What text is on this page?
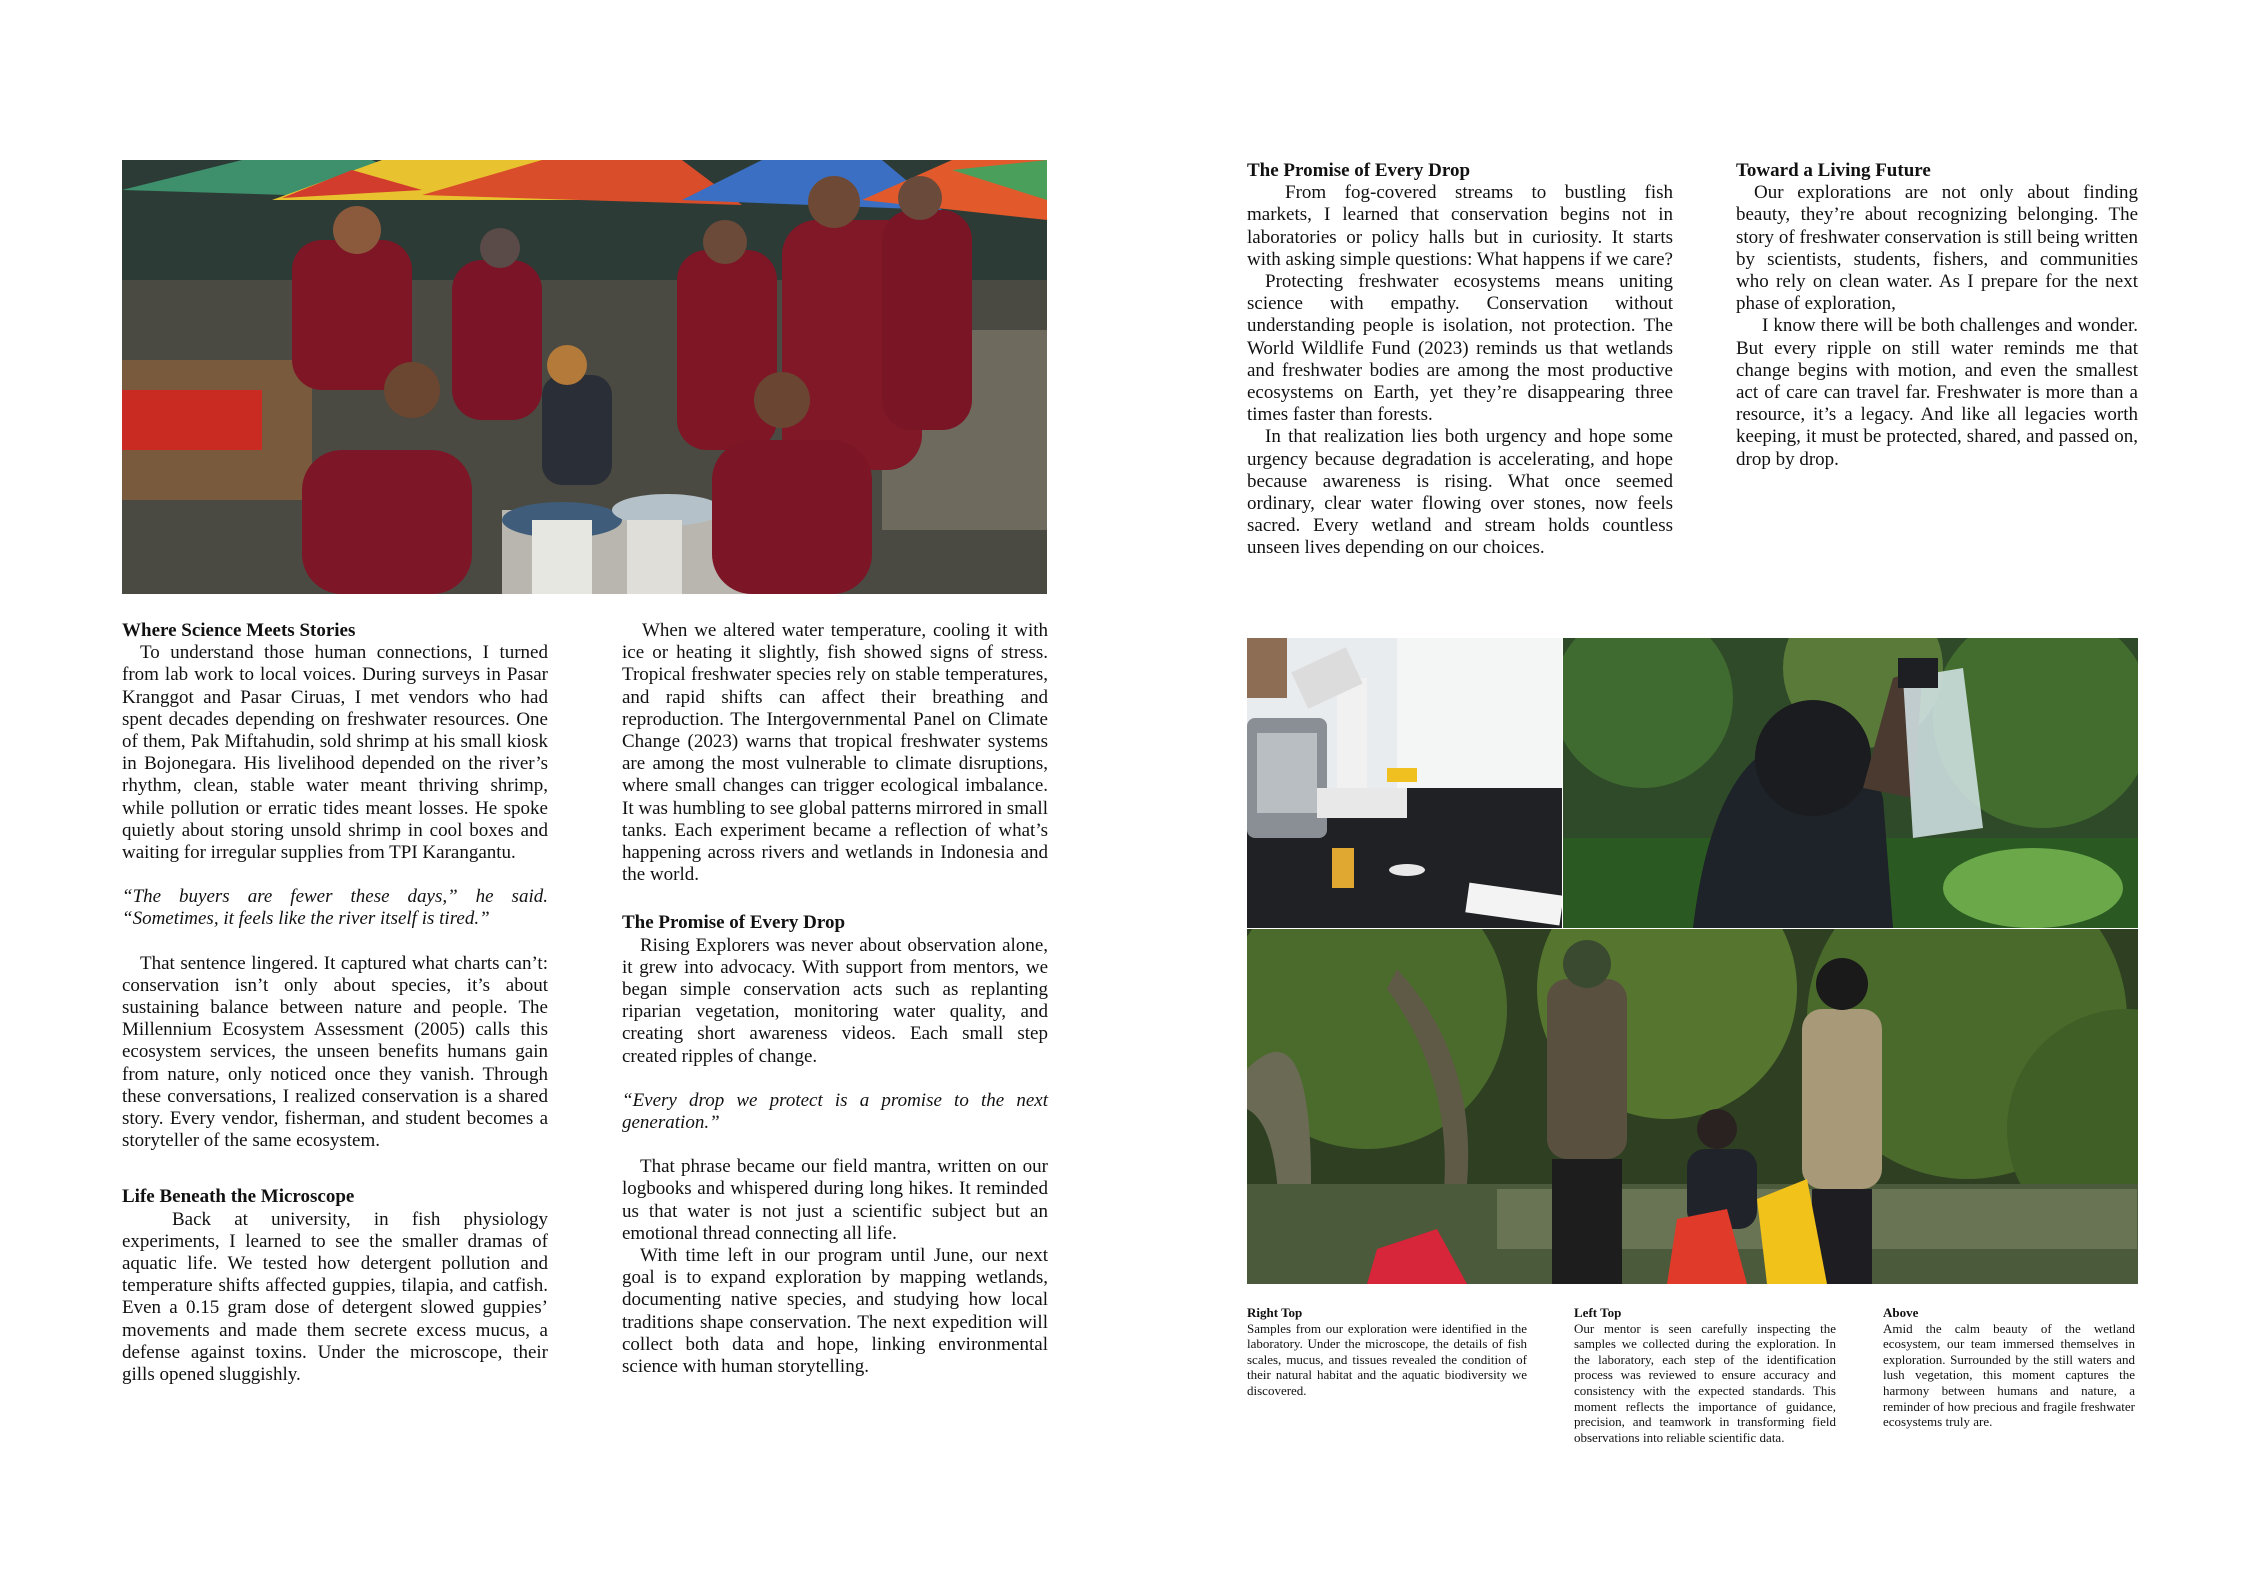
Where Science Meets Stories

To understand those human connections, I turned from lab work to local voices. During surveys in Pasar Kranggot and Pasar Ciruas, I met vendors who had spent decades depending on freshwater resources. One of them, Pak Miftahudin, sold shrimp at his small kiosk in Bojonegara. His livelihood depended on the river’s rhythm, clean, stable water meant thriving shrimp, while pollution or erratic tides meant losses. He spoke quietly about storing unsold shrimp in cool boxes and waiting for irregular supplies from TPI Karangantu.

“The buyers are fewer these days,” he said. “Sometimes, it feels like the river itself is tired.”

That sentence lingered. It captured what charts can’t: conservation isn’t only about species, it’s about sustaining balance between nature and people. The Millennium Ecosystem Assessment (2005) calls this ecosystem services, the unseen benefits humans gain from nature, only noticed once they vanish. Through these conversations, I realized conservation is a shared story. Every vendor, fisherman, and student becomes a storyteller of the same ecosystem.

Life Beneath the Microscope

Back at university, in fish physiology experiments, I learned to see the smaller dramas of aquatic life. We tested how detergent pollution and temperature shifts affected guppies, tilapia, and catfish. Even a 0.15 gram dose of detergent slowed guppies’ movements and made them secrete excess mucus, a defense against toxins. Under the microscope, their gills opened sluggishly.

When we altered water temperature, cooling it with ice or heating it slightly, fish showed signs of stress. Tropical freshwater species rely on stable temperatures, and rapid shifts can affect their breathing and reproduction. The Intergovernmental Panel on Climate Change (2023) warns that tropical freshwater systems are among the most vulnerable to climate disruptions, where small changes can trigger ecological imbalance. It was humbling to see global patterns mirrored in small tanks. Each experiment became a reflection of what’s happening across rivers and wetlands in Indonesia and the world.

The Promise of Every Drop

Rising Explorers was never about observation alone, it grew into advocacy. With support from mentors, we began simple conservation acts such as replanting riparian vegetation, monitoring water quality, and creating short awareness videos. Each small step created ripples of change.

“Every drop we protect is a promise to the next generation.”

That phrase became our field mantra, written on our logbooks and whispered during long hikes. It reminded us that water is not just a scientific subject but an emotional thread connecting all life.

With time left in our program until June, our next goal is to expand exploration by mapping wetlands, documenting native species, and studying how local traditions shape conservation. The next expedition will collect both data and hope, linking environmental science with human storytelling.

The Promise of Every Drop

From fog-covered streams to bustling fish markets, I learned that conservation begins not in laboratories or policy halls but in curiosity. It starts with asking simple questions: What happens if we care?

Protecting freshwater ecosystems means uniting science with empathy. Conservation without understanding people is isolation, not protection. The World Wildlife Fund (2023) reminds us that wetlands and freshwater bodies are among the most productive ecosystems on Earth, yet they’re disappearing three times faster than forests.

In that realization lies both urgency and hope some urgency because degradation is accelerating, and hope because awareness is rising. What once seemed ordinary, clear water flowing over stones, now feels sacred. Every wetland and stream holds countless unseen lives depending on our choices.

Toward a Living Future

Our explorations are not only about finding beauty, they’re about recognizing belonging. The story of freshwater conservation is still being written by scientists, students, fishers, and communities who rely on clean water. As I prepare for the next phase of exploration,

I know there will be both challenges and wonder. But every ripple on still water reminds me that change begins with motion, and even the smallest act of care can travel far. Freshwater is more than a resource, it’s a legacy. And like all legacies worth keeping, it must be protected, shared, and passed on, drop by drop.

Right Top

Samples from our exploration were identified in the laboratory. Under the microscope, the details of fish scales, mucus, and tissues revealed the condition of their natural habitat and the aquatic biodiversity we discovered.

Left Top

Our mentor is seen carefully inspecting the samples we collected during the exploration. In the laboratory, each step of the identification process was reviewed to ensure accuracy and consistency with the expected standards. This moment reflects the importance of guidance, precision, and teamwork in transforming field observations into reliable scientific data.

Above

Amid the calm beauty of the wetland ecosystem, our team immersed themselves in exploration. Surrounded by the still waters and lush vegetation, this moment captures the harmony between humans and nature, a reminder of how precious and fragile freshwater ecosystems truly are.
